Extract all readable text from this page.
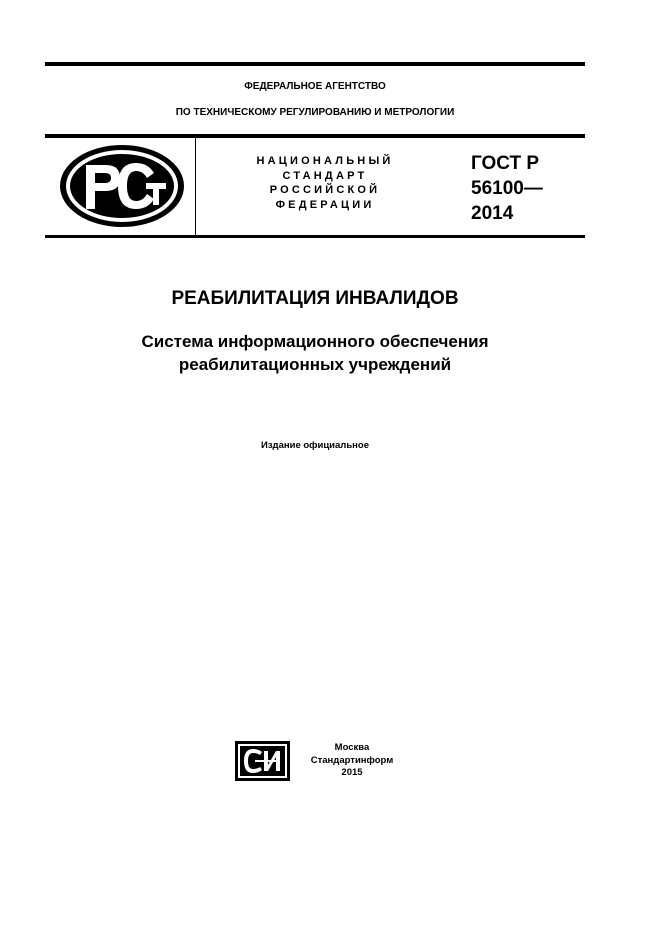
ФЕДЕРАЛЬНОЕ АГЕНТСТВО
ПО ТЕХНИЧЕСКОМУ РЕГУЛИРОВАНИЮ И МЕТРОЛОГИИ
НАЦИОНАЛЬНЫЙ
СТАНДАРТ
РОССИЙСКОЙ
ФЕДЕРАЦИИ
ГОСТ Р
56100—
2014
РЕАБИЛИТАЦИЯ ИНВАЛИДОВ
Система информационного обеспечения
реабилитационных учреждений
Издание официальное
Москва
Стандартинформ
2015
